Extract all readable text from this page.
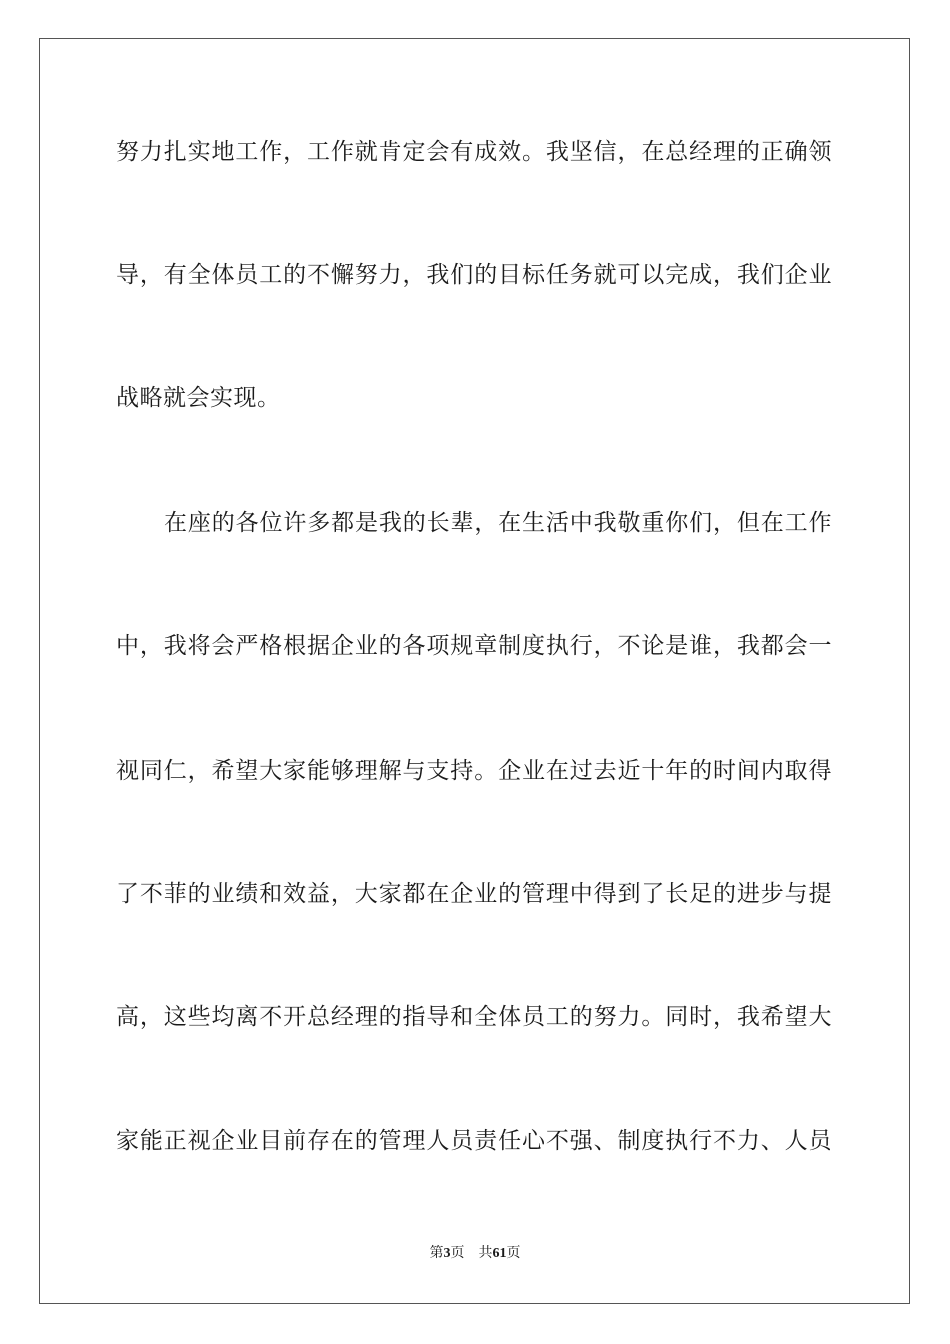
努力扎实地工作，工作就肯定会有成效。我坚信，在总经理的正确领
导，有全体员工的不懈努力，我们的目标任务就可以完成，我们企业
战略就会实现。
在座的各位许多都是我的长辈，在生活中我敬重你们，但在工作
中，我将会严格根据企业的各项规章制度执行，不论是谁，我都会一
视同仁，希望大家能够理解与支持。企业在过去近十年的时间内取得
了不菲的业绩和效益，大家都在企业的管理中得到了长足的进步与提
高，这些均离不开总经理的指导和全体员工的努力。同时，我希望大
家能正视企业目前存在的管理人员责任心不强、制度执行不力、人员
第3页 共61页
